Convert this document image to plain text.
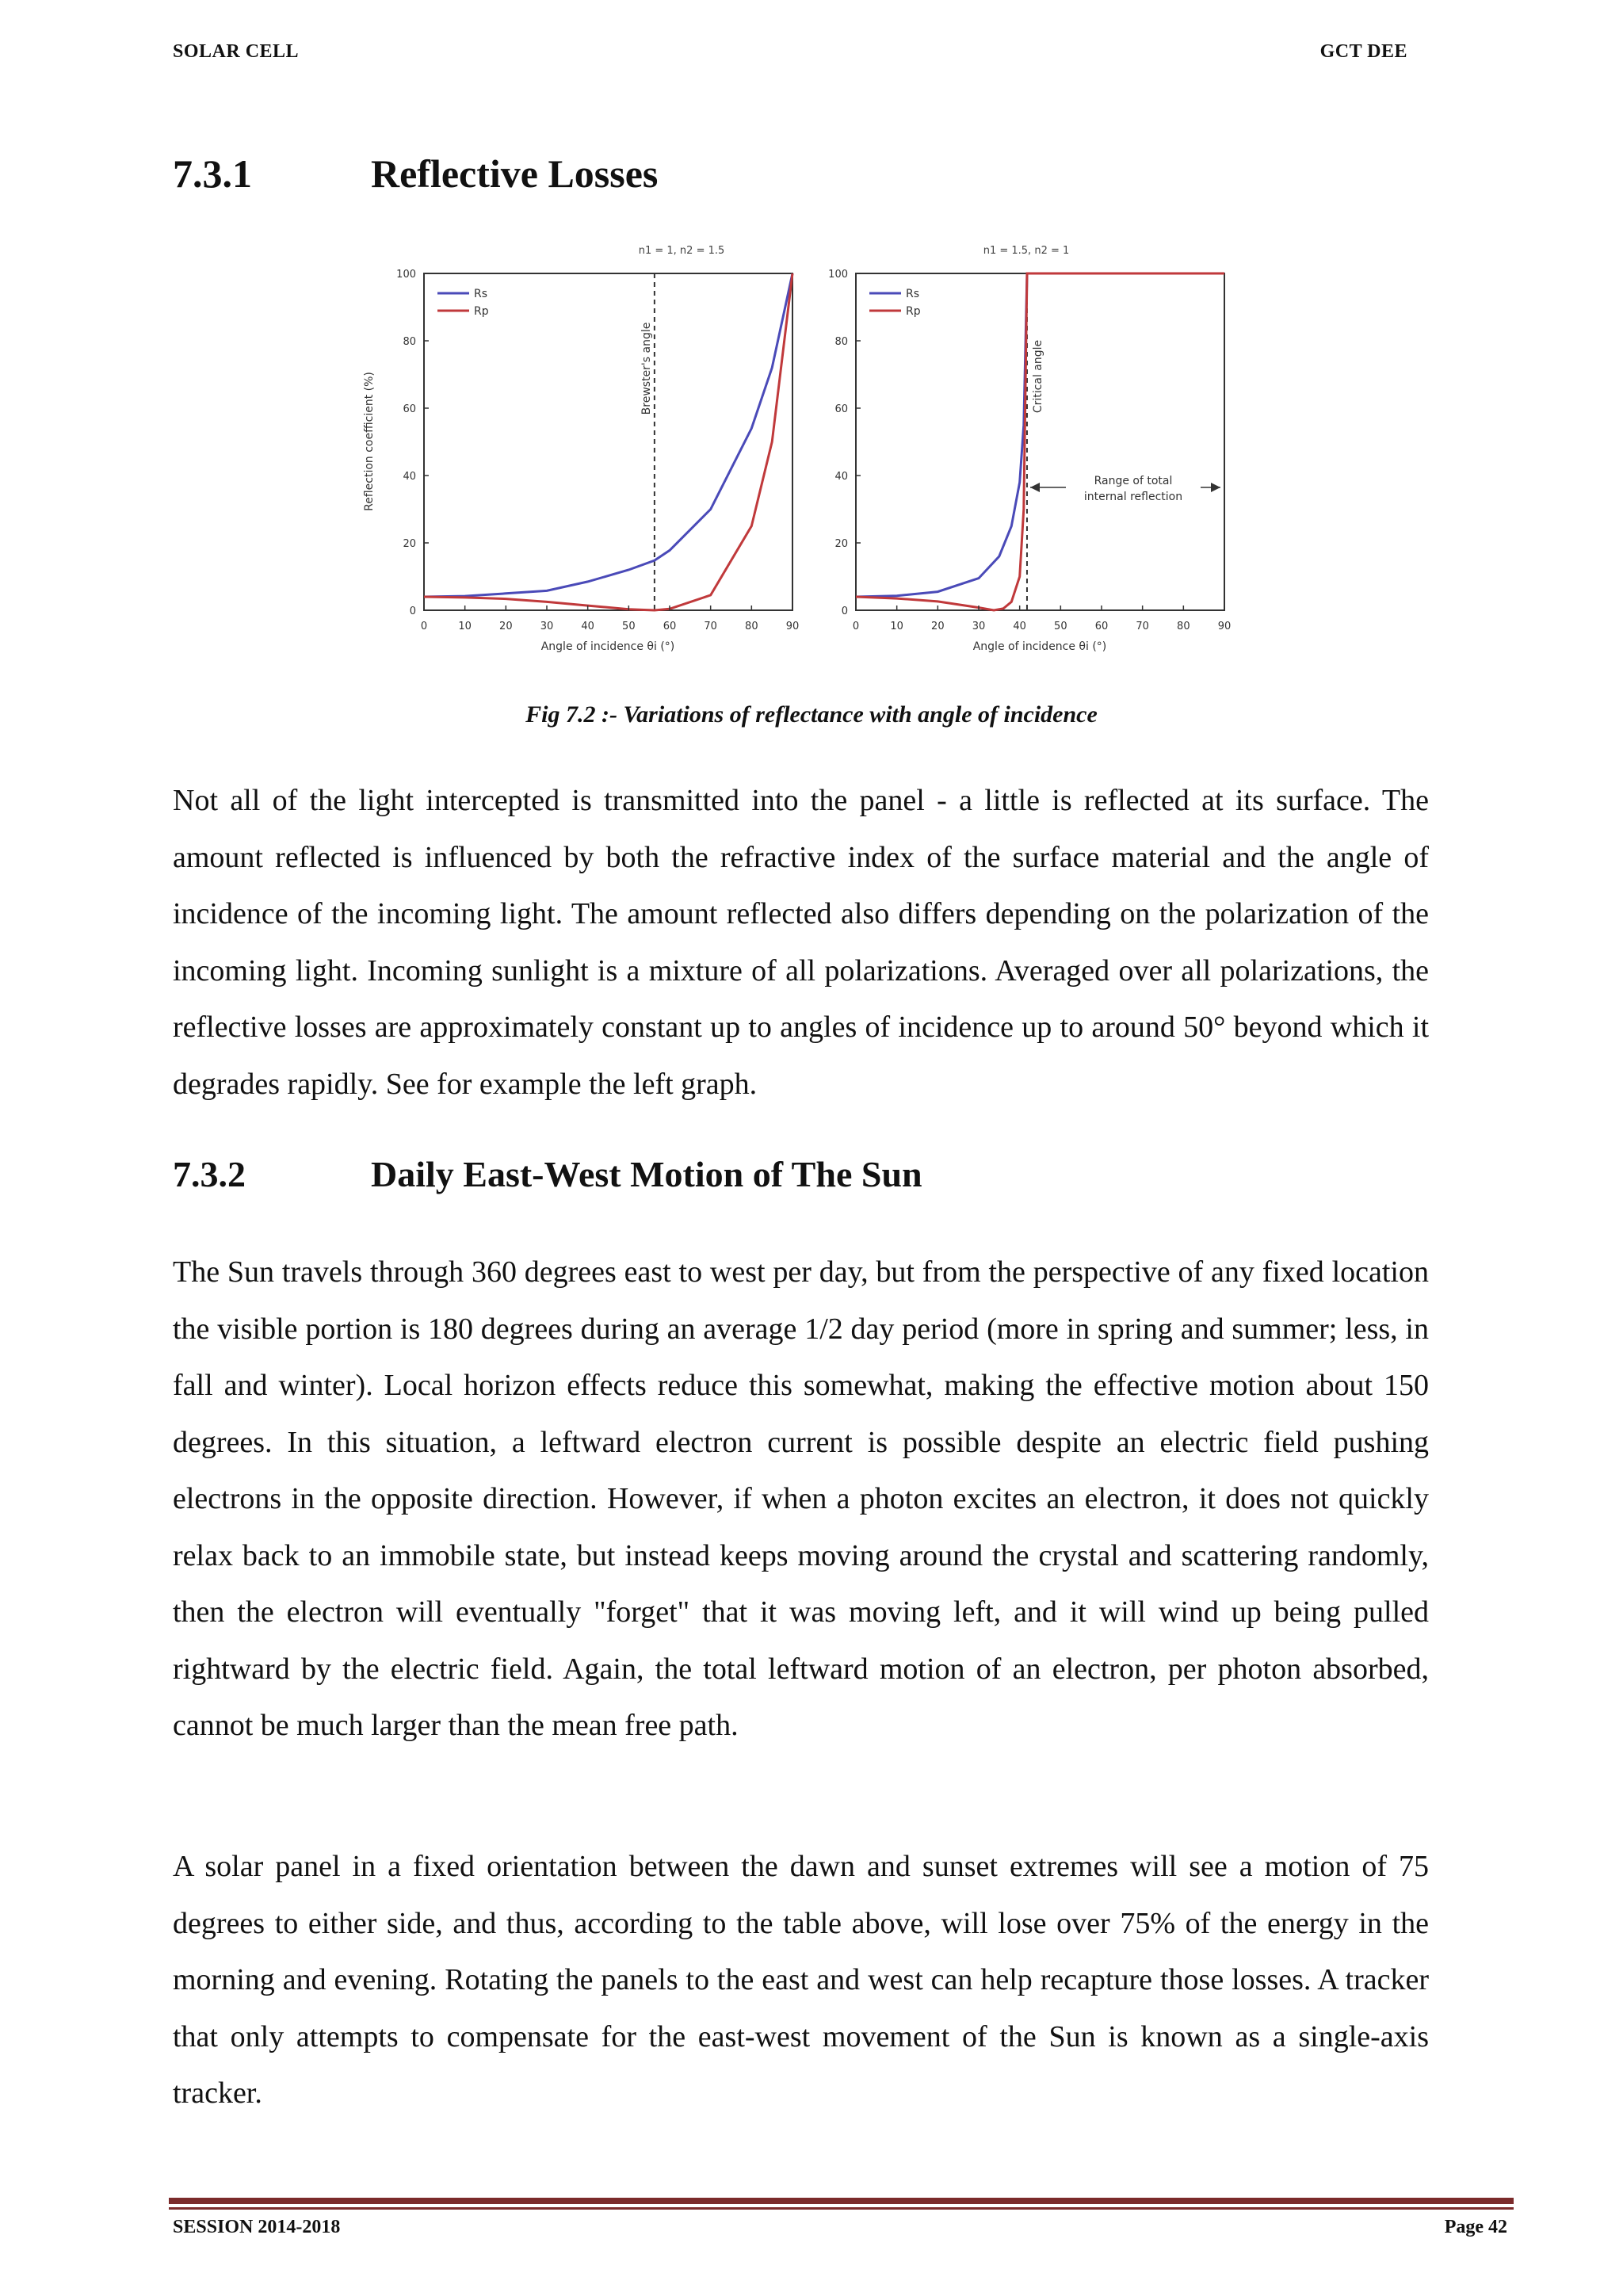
SOLAR CELL	GCT DEE
7.3.1	Reflective Losses
n1 = 1, n2 = 1.5
Brewster's angle
Rs
Rp
0	10	20	30	40	50	60	70	80	90
0
20
40
60
80
100
Angle of incidence θi (°)
Reflection coefficient (%)
n1 = 1.5, n2 = 1
Critical angle
Rs
Rp
Range of total
internal reflection
0	10	20	30	40	50	60	70	80	90
0
20
40
60
80
100
Angle of incidence θi (°)
Fig 7.2 :- Variations of reflectance with angle of incidence

Not all of the light intercepted is transmitted into the panel - a little is reflected at its surface. The amount reflected is influenced by both the refractive index of the surface material and the angle of incidence of the incoming light. The amount reflected also differs depending on the polarization of the incoming light. Incoming sunlight is a mixture of all polarizations. Averaged over all polarizations, the reflective losses are approximately constant up to angles of incidence up to around 50° beyond which it degrades rapidly. See for example the left graph.

7.3.2	Daily East-West Motion of The Sun

The Sun travels through 360 degrees east to west per day, but from the perspective of any fixed location the visible portion is 180 degrees during an average 1/2 day period (more in spring and summer; less, in fall and winter). Local horizon effects reduce this somewhat, making the effective motion about 150 degrees. In this situation, a leftward electron current is possible despite an electric field pushing electrons in the opposite direction. However, if when a photon excites an electron, it does not quickly relax back to an immobile state, but instead keeps moving around the crystal and scattering randomly, then the electron will eventually "forget" that it was moving left, and it will wind up being pulled rightward by the electric field. Again, the total leftward motion of an electron, per photon absorbed, cannot be much larger than the mean free path.

A solar panel in a fixed orientation between the dawn and sunset extremes will see a motion of 75 degrees to either side, and thus, according to the table above, will lose over 75% of the energy in the morning and evening. Rotating the panels to the east and west can help recapture those losses. A tracker that only attempts to compensate for the east-west movement of the Sun is known as a single-axis tracker.

SESSION 2014-2018	Page 42
